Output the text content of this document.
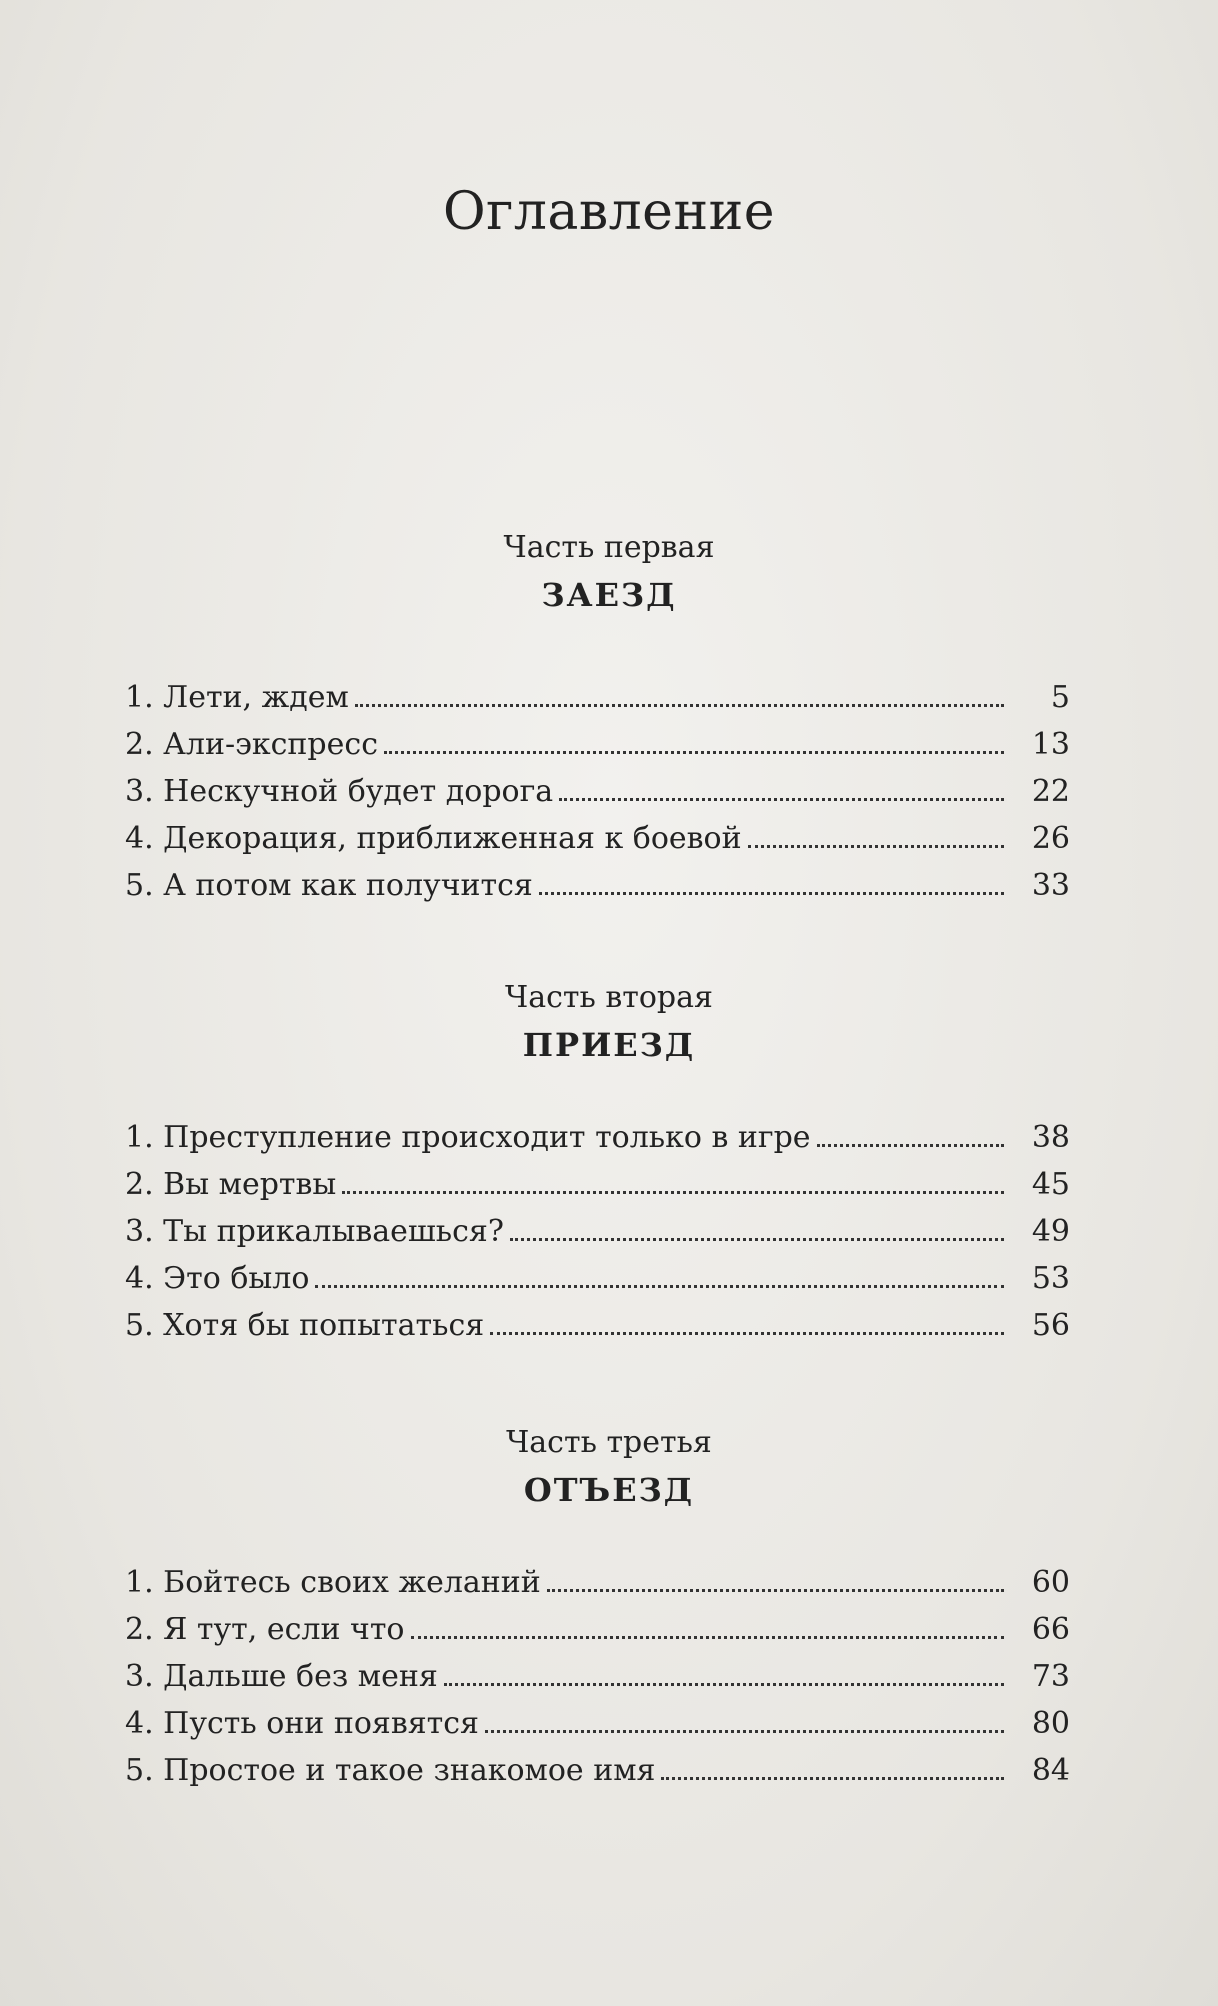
Оглавление

Часть первая

ЗАЕЗД

1. Лети, ждем	5
2. Али-экспресс	13
3. Нескучной будет дорога	22
4. Декорация, приближенная к боевой	26
5. А потом как получится	33

Часть вторая

ПРИЕЗД

1. Преступление происходит только в игре	38
2. Вы мертвы	45
3. Ты прикалываешься?	49
4. Это было	53
5. Хотя бы попытаться	56

Часть третья

ОТЪЕЗД

1. Бойтесь своих желаний	60
2. Я тут, если что	66
3. Дальше без меня	73
4. Пусть они появятся	80
5. Простое и такое знакомое имя	84
